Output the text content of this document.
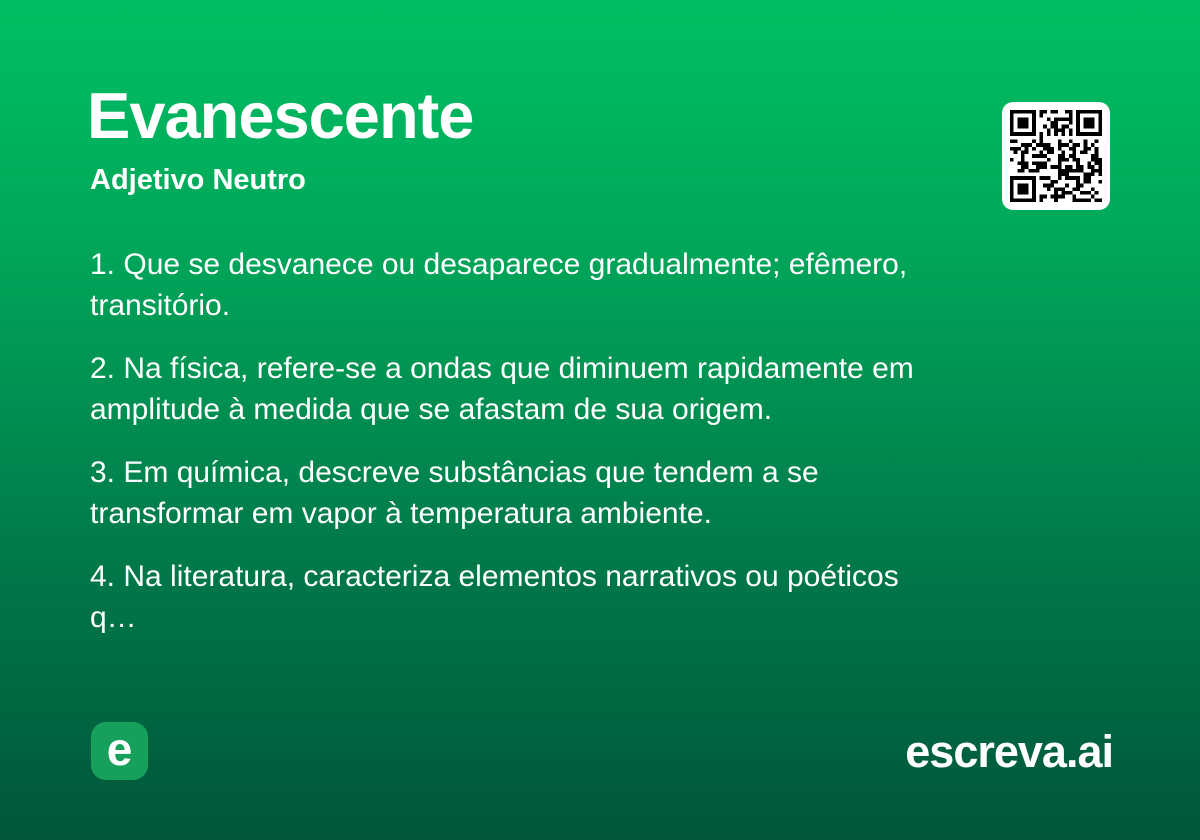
Evanescente
Adjetivo Neutro
1. Que se desvanece ou desaparece gradualmente; efêmero,
transitório.
2. Na física, refere-se a ondas que diminuem rapidamente em
amplitude à medida que se afastam de sua origem.
3. Em química, descreve substâncias que tendem a se
transformar em vapor à temperatura ambiente.
4. Na literatura, caracteriza elementos narrativos ou poéticos
q…
e	escreva.ai
